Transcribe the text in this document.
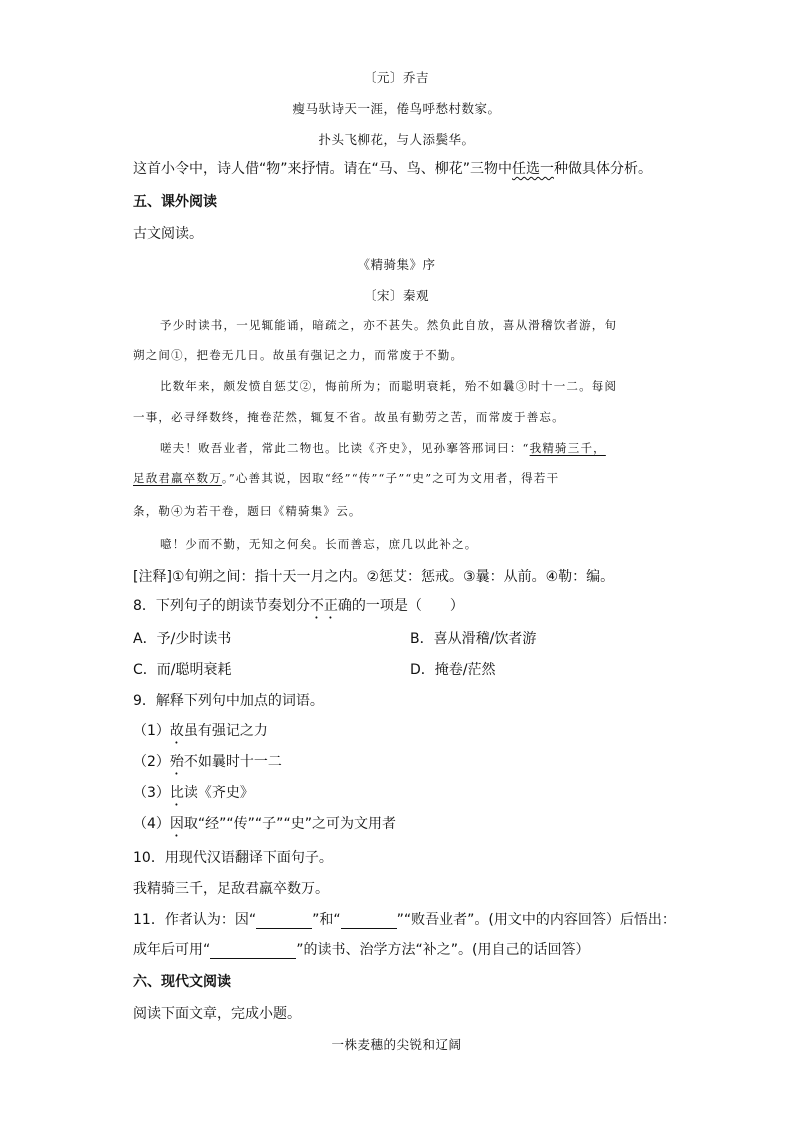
〔元〕乔吉
瘦马驮诗天一涯，倦鸟呼愁村数家。
扑头飞柳花，与人添鬓华。
这首小令中，诗人借“物”来抒情。请在“马、鸟、柳花”三物中任选一种做具体分析。
五、课外阅读
古文阅读。
《精骑集》序
〔宋〕秦观
予少时读书，一见辄能诵，暗疏之，亦不甚失。然负此自放，喜从滑稽饮者游，旬
朔之间①，把卷无几日。故虽有强记之力，而常废于不勤。
比数年来，颇发愤自惩艾②，悔前所为；而聪明衰耗，殆不如曩③时十一二。每阅
一事，必寻绎数终，掩卷茫然，辄复不省。故虽有勤劳之苦，而常废于善忘。
嗟夫！败吾业者，常此二物也。比读《齐史》，见孙搴答邢词曰：“我精骑三千，
足敌君羸卒数万。”心善其说，因取“经”“传”“子”“史”之可为文用者，得若干
条，勒④为若干卷，题曰《精骑集》云。
噫！少而不勤，无知之何矣。长而善忘，庶几以此补之。
[注释]①旬朔之间：指十天一月之内。②惩艾：惩戒。③曩：从前。④勒：编。
8．下列句子的朗读节奏划分不正确的一项是（　　）
A．予/少时读书	B．喜从滑稽/饮者游
C．而/聪明衰耗	D．掩卷/茫然
9．解释下列句中加点的词语。
（1）故虽有强记之力
（2）殆不如曩时十一二
（3）比读《齐史》
（4）因取“经”“传”“子”“史”之可为文用者
10．用现代汉语翻译下面句子。
我精骑三千，足敌君羸卒数万。
11．作者认为：因“	”和“	”“败吾业者”。(用文中的内容回答）后悟出：
成年后可用“	”的读书、治学方法“补之”。(用自己的话回答）
六、现代文阅读
阅读下面文章，完成小题。
一株麦穗的尖锐和辽阔
